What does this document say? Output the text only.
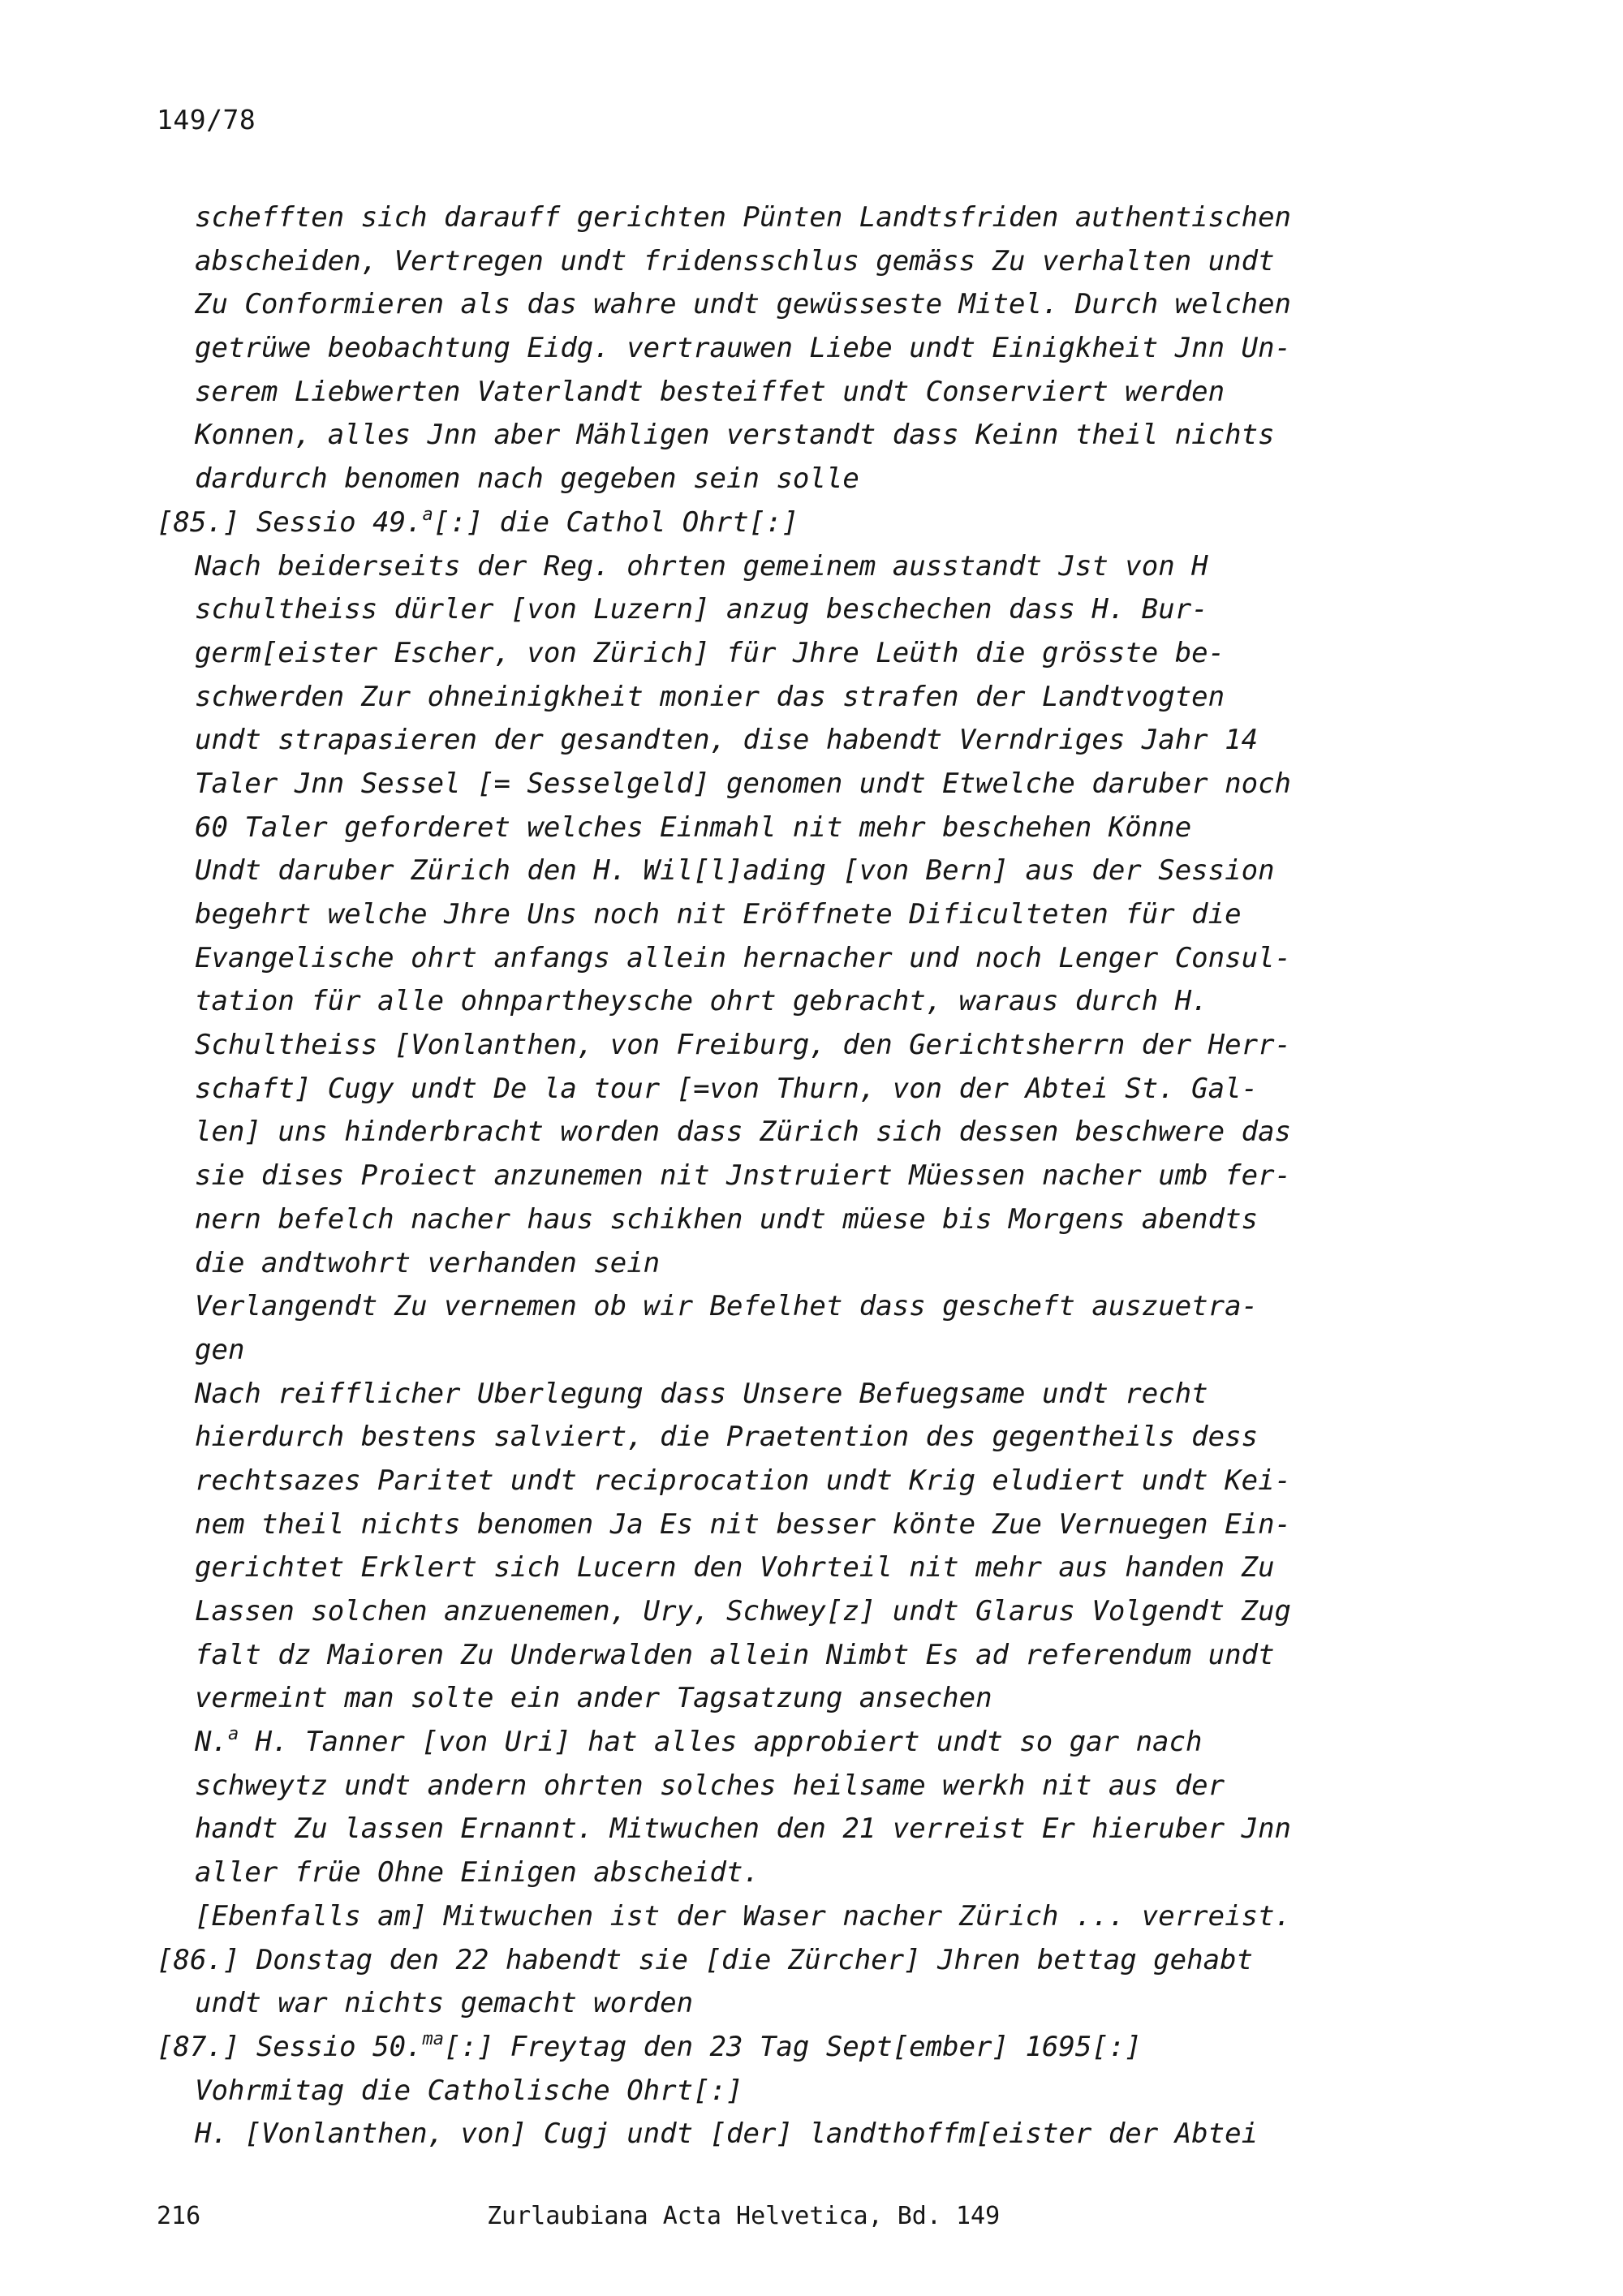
149/78
schefften sich darauff gerichten Pünten Landtsfriden authentischen
abscheiden, Vertregen undt fridensschlus gemäss Zu verhalten undt
Zu Conformieren als das wahre undt gewüsseste Mitel. Durch welchen
getrüwe beobachtung Eidg. vertrauwen Liebe undt Einigkheit Jnn Un-
serem Liebwerten Vaterlandt besteiffet undt Conserviert werden
Konnen, alles Jnn aber Mähligen verstandt dass Keinn theil nichts
dardurch benomen nach gegeben sein solle
[85.] Sessio 49.$^a$[:] die Cathol Ohrt[:]
Nach beiderseits der Reg. ohrten gemeinem ausstandt Jst von H
schultheiss dürler [von Luzern] anzug beschechen dass H. Bur-
germ[eister Escher, von Zürich] für Jhre Leüth die grösste be-
schwerden Zur ohneinigkheit monier das strafen der Landtvogten
undt strapasieren der gesandten, dise habendt Verndriges Jahr 14
Taler Jnn Sessel [= Sesselgeld] genomen undt Etwelche daruber noch
60 Taler geforderet welches Einmahl nit mehr beschehen Könne
Undt daruber Zürich den H. Wil[l]ading [von Bern] aus der Session
begehrt welche Jhre Uns noch nit Eröffnete Dificulteten für die
Evangelische ohrt anfangs allein hernacher und noch Lenger Consul-
tation für alle ohnpartheysche ohrt gebracht, waraus durch H.
Schultheiss [Vonlanthen, von Freiburg, den Gerichtsherrn der Herr-
schaft] Cugy undt De la tour [=von Thurn, von der Abtei St. Gal-
len] uns hinderbracht worden dass Zürich sich dessen beschwere das
sie dises Proiect anzunemen nit Jnstruiert Müessen nacher umb fer-
nern befelch nacher haus schikhen undt müese bis Morgens abendts
die andtwohrt verhanden sein
Verlangendt Zu vernemen ob wir Befelhet dass gescheft auszuetra-
gen
Nach reifflicher Uberlegung dass Unsere Befuegsame undt recht
hierdurch bestens salviert, die Praetention des gegentheils dess
rechtsazes Paritet undt reciprocation undt Krig eludiert undt Kei-
nem theil nichts benomen Ja Es nit besser könte Zue Vernuegen Ein-
gerichtet Erklert sich Lucern den Vohrteil nit mehr aus handen Zu
Lassen solchen anzuenemen, Ury, Schwey[z] undt Glarus Volgendt Zug
falt dz Maioren Zu Underwalden allein Nimbt Es ad referendum undt
vermeint man solte ein ander Tagsatzung ansechen
N.$^a$ H. Tanner [von Uri] hat alles approbiert undt so gar nach
schweytz undt andern ohrten solches heilsame werkh nit aus der
handt Zu lassen Ernannt. Mitwuchen den 21 verreist Er hieruber Jnn
aller früe Ohne Einigen abscheidt.
[Ebenfalls am] Mitwuchen ist der Waser nacher Zürich ... verreist.
[86.] Donstag den 22 habendt sie [die Zürcher] Jhren bettag gehabt
undt war nichts gemacht worden
[87.] Sessio 50.$^{ma}$[:] Freytag den 23 Tag Sept[ember] 1695[:]
Vohrmitag die Catholische Ohrt[:]
H. [Vonlanthen, von] Cugj undt [der] landthoffm[eister der Abtei
216	Zurlaubiana Acta Helvetica, Bd. 149
